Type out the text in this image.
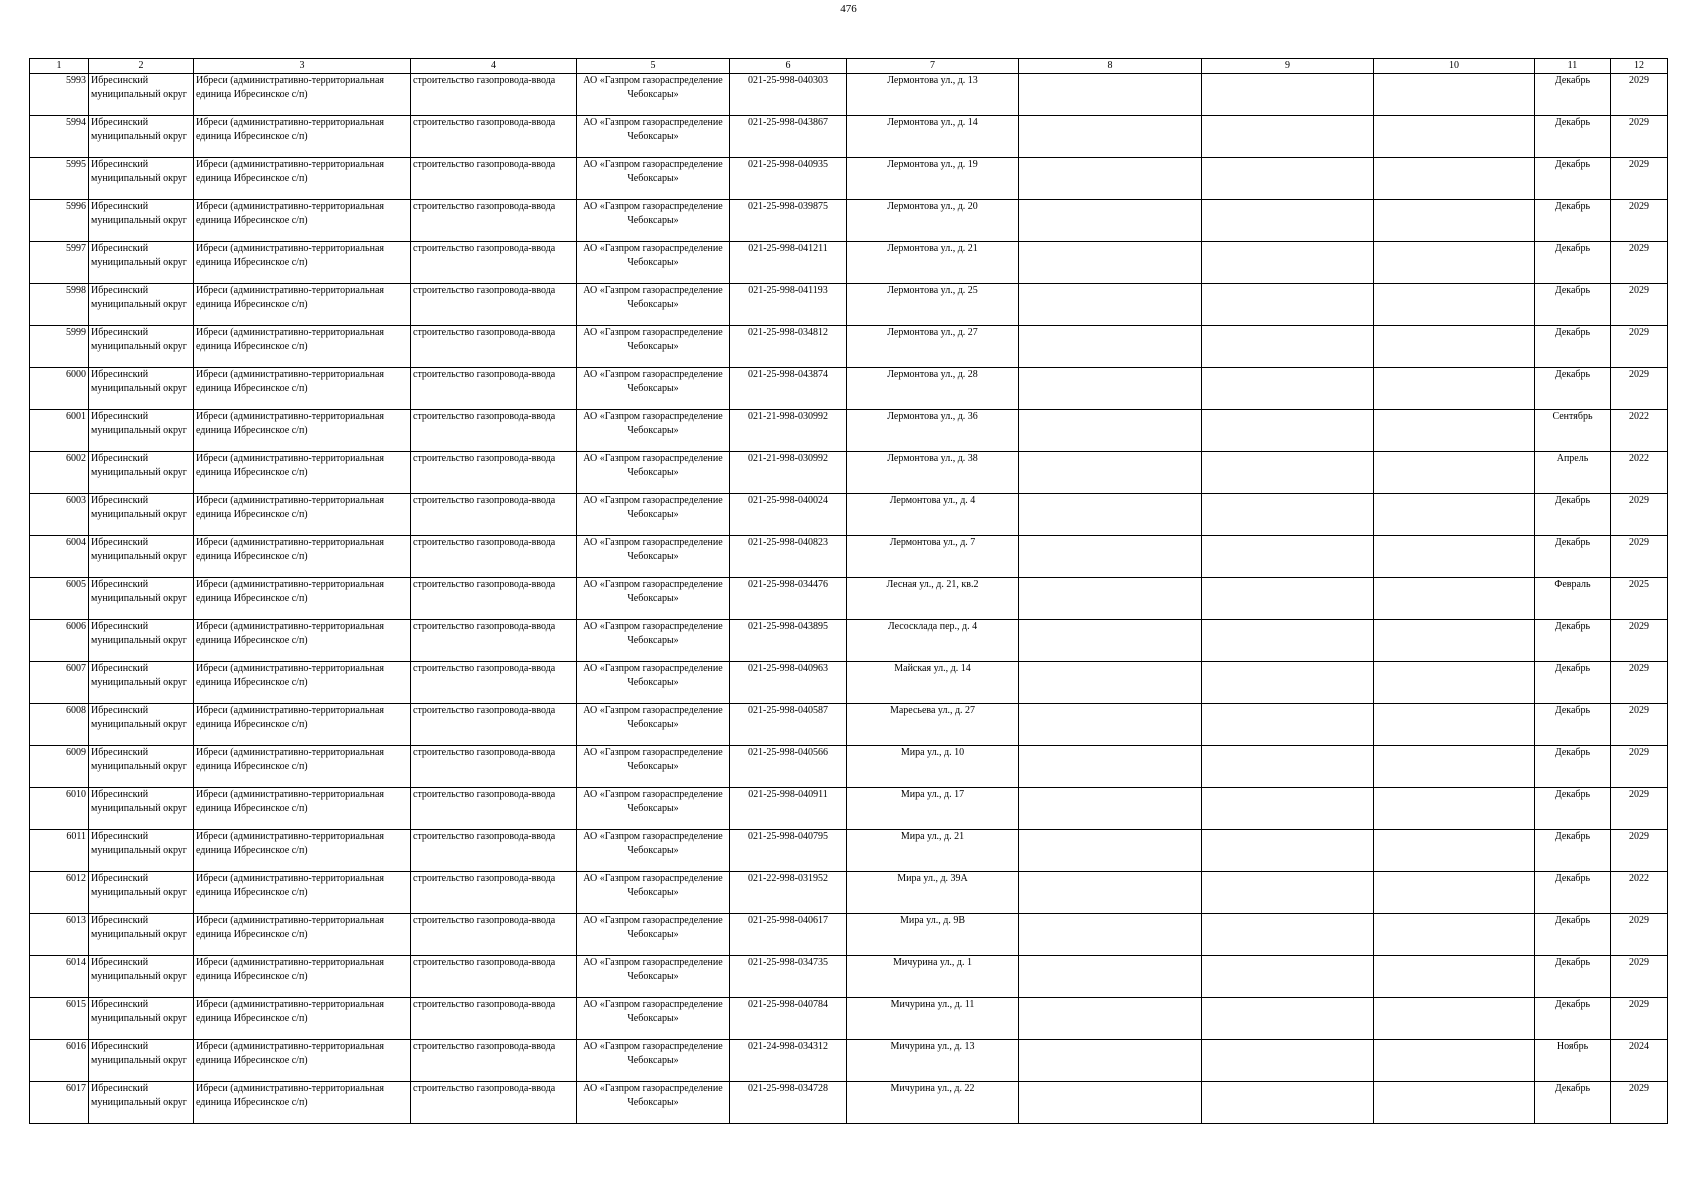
476
1	2	3	4	5	6	7	8	9	10	11	12

5993	Ибресинский муниципальный округ	Ибреси (административно-территориальная единица Ибресинское с/п)	строительство газопровода-ввода	АО «Газпром газораспределение Чебоксары»	021-25-998-040303	Лермонтова ул., д. 13				Декабрь	2029

5994	Ибресинский муниципальный округ	Ибреси (административно-территориальная единица Ибресинское с/п)	строительство газопровода-ввода	АО «Газпром газораспределение Чебоксары»	021-25-998-043867	Лермонтова ул., д. 14				Декабрь	2029

5995	Ибресинский муниципальный округ	Ибреси (административно-территориальная единица Ибресинское с/п)	строительство газопровода-ввода	АО «Газпром газораспределение Чебоксары»	021-25-998-040935	Лермонтова ул., д. 19				Декабрь	2029

5996	Ибресинский муниципальный округ	Ибреси (административно-территориальная единица Ибресинское с/п)	строительство газопровода-ввода	АО «Газпром газораспределение Чебоксары»	021-25-998-039875	Лермонтова ул., д. 20				Декабрь	2029

5997	Ибресинский муниципальный округ	Ибреси (административно-территориальная единица Ибресинское с/п)	строительство газопровода-ввода	АО «Газпром газораспределение Чебоксары»	021-25-998-041211	Лермонтова ул., д. 21				Декабрь	2029

5998	Ибресинский муниципальный округ	Ибреси (административно-территориальная единица Ибресинское с/п)	строительство газопровода-ввода	АО «Газпром газораспределение Чебоксары»	021-25-998-041193	Лермонтова ул., д. 25				Декабрь	2029

5999	Ибресинский муниципальный округ	Ибреси (административно-территориальная единица Ибресинское с/п)	строительство газопровода-ввода	АО «Газпром газораспределение Чебоксары»	021-25-998-034812	Лермонтова ул., д. 27				Декабрь	2029

6000	Ибресинский муниципальный округ	Ибреси (административно-территориальная единица Ибресинское с/п)	строительство газопровода-ввода	АО «Газпром газораспределение Чебоксары»	021-25-998-043874	Лермонтова ул., д. 28				Декабрь	2029

6001	Ибресинский муниципальный округ	Ибреси (административно-территориальная единица Ибресинское с/п)	строительство газопровода-ввода	АО «Газпром газораспределение Чебоксары»	021-21-998-030992	Лермонтова ул., д. 36				Сентябрь	2022

6002	Ибресинский муниципальный округ	Ибреси (административно-территориальная единица Ибресинское с/п)	строительство газопровода-ввода	АО «Газпром газораспределение Чебоксары»	021-21-998-030992	Лермонтова ул., д. 38				Апрель	2022

6003	Ибресинский муниципальный округ	Ибреси (административно-территориальная единица Ибресинское с/п)	строительство газопровода-ввода	АО «Газпром газораспределение Чебоксары»	021-25-998-040024	Лермонтова ул., д. 4				Декабрь	2029

6004	Ибресинский муниципальный округ	Ибреси (административно-территориальная единица Ибресинское с/п)	строительство газопровода-ввода	АО «Газпром газораспределение Чебоксары»	021-25-998-040823	Лермонтова ул., д. 7				Декабрь	2029

6005	Ибресинский муниципальный округ	Ибреси (административно-территориальная единица Ибресинское с/п)	строительство газопровода-ввода	АО «Газпром газораспределение Чебоксары»	021-25-998-034476	Лесная ул., д. 21, кв.2				Февраль	2025

6006	Ибресинский муниципальный округ	Ибреси (административно-территориальная единица Ибресинское с/п)	строительство газопровода-ввода	АО «Газпром газораспределение Чебоксары»	021-25-998-043895	Лесосклада пер., д. 4				Декабрь	2029

6007	Ибресинский муниципальный округ	Ибреси (административно-территориальная единица Ибресинское с/п)	строительство газопровода-ввода	АО «Газпром газораспределение Чебоксары»	021-25-998-040963	Майская ул., д. 14				Декабрь	2029

6008	Ибресинский муниципальный округ	Ибреси (административно-территориальная единица Ибресинское с/п)	строительство газопровода-ввода	АО «Газпром газораспределение Чебоксары»	021-25-998-040587	Маресьева ул., д. 27				Декабрь	2029

6009	Ибресинский муниципальный округ	Ибреси (административно-территориальная единица Ибресинское с/п)	строительство газопровода-ввода	АО «Газпром газораспределение Чебоксары»	021-25-998-040566	Мира ул., д. 10				Декабрь	2029

6010	Ибресинский муниципальный округ	Ибреси (административно-территориальная единица Ибресинское с/п)	строительство газопровода-ввода	АО «Газпром газораспределение Чебоксары»	021-25-998-040911	Мира ул., д. 17				Декабрь	2029

6011	Ибресинский муниципальный округ	Ибреси (административно-территориальная единица Ибресинское с/п)	строительство газопровода-ввода	АО «Газпром газораспределение Чебоксары»	021-25-998-040795	Мира ул., д. 21				Декабрь	2029

6012	Ибресинский муниципальный округ	Ибреси (административно-территориальная единица Ибресинское с/п)	строительство газопровода-ввода	АО «Газпром газораспределение Чебоксары»	021-22-998-031952	Мира ул., д. 39А				Декабрь	2022

6013	Ибресинский муниципальный округ	Ибреси (административно-территориальная единица Ибресинское с/п)	строительство газопровода-ввода	АО «Газпром газораспределение Чебоксары»	021-25-998-040617	Мира ул., д. 9В				Декабрь	2029

6014	Ибресинский муниципальный округ	Ибреси (административно-территориальная единица Ибресинское с/п)	строительство газопровода-ввода	АО «Газпром газораспределение Чебоксары»	021-25-998-034735	Мичурина ул., д. 1				Декабрь	2029

6015	Ибресинский муниципальный округ	Ибреси (административно-территориальная единица Ибресинское с/п)	строительство газопровода-ввода	АО «Газпром газораспределение Чебоксары»	021-25-998-040784	Мичурина ул., д. 11				Декабрь	2029

6016	Ибресинский муниципальный округ	Ибреси (административно-территориальная единица Ибресинское с/п)	строительство газопровода-ввода	АО «Газпром газораспределение Чебоксары»	021-24-998-034312	Мичурина ул., д. 13				Ноябрь	2024

6017	Ибресинский муниципальный округ	Ибреси (административно-территориальная единица Ибресинское с/п)	строительство газопровода-ввода	АО «Газпром газораспределение Чебоксары»	021-25-998-034728	Мичурина ул., д. 22				Декабрь	2029
